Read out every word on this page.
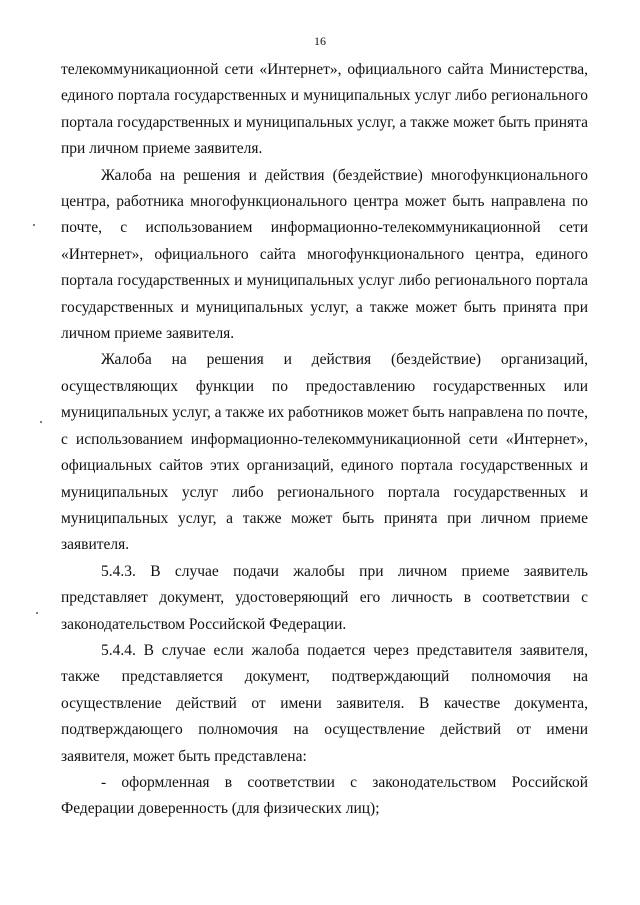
16

телекоммуникационной сети «Интернет», официального сайта Министерства, единого портала государственных и муниципальных услуг либо регионального портала государственных и муниципальных услуг, а также может быть принята при личном приеме заявителя.

Жалоба на решения и действия (бездействие) многофункционального центра, работника многофункционального центра может быть направлена по почте, с использованием информационно-телекоммуникационной сети «Интернет», официального сайта многофункционального центра, единого портала государственных и муниципальных услуг либо регионального портала государственных и муниципальных услуг, а также может быть принята при личном приеме заявителя.

Жалоба на решения и действия (бездействие) организаций, осуществляющих функции по предоставлению государственных или муниципальных услуг, а также их работников может быть направлена по почте, с использованием информационно-телекоммуникационной сети «Интернет», официальных сайтов этих организаций, единого портала государственных и муниципальных услуг либо регионального портала государственных и муниципальных услуг, а также может быть принята при личном приеме заявителя.

5.4.3. В случае подачи жалобы при личном приеме заявитель представляет документ, удостоверяющий его личность в соответствии с законодательством Российской Федерации.

5.4.4. В случае если жалоба подается через представителя заявителя, также представляется документ, подтверждающий полномочия на осуществление действий от имени заявителя. В качестве документа, подтверждающего полномочия на осуществление действий от имени заявителя, может быть представлена:

- оформленная в соответствии с законодательством Российской Федерации доверенность (для физических лиц);
